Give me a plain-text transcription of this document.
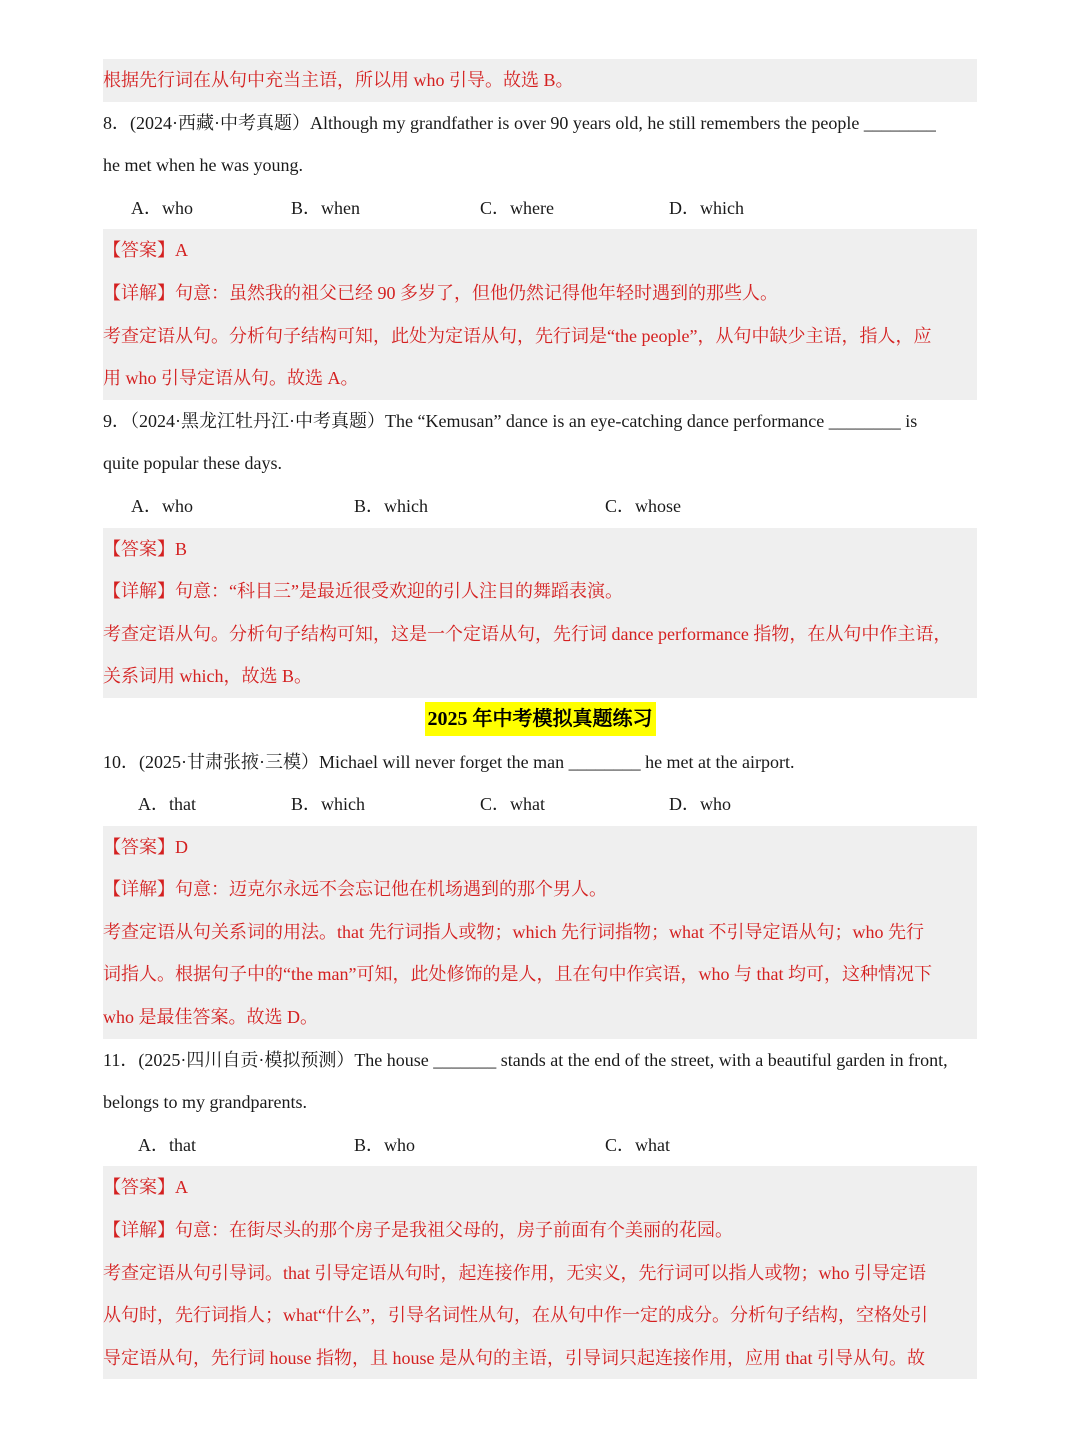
根据先行词在从句中充当主语，所以用 who 引导。故选 B。
8．(2024·西藏·中考真题）Although my grandfather is over 90 years old, he still remembers the people ________
he met when he was young.
A．who	B．when	C．where	D．which
【答案】A
【详解】句意：虽然我的祖父已经 90 多岁了，但他仍然记得他年轻时遇到的那些人。
考查定语从句。分析句子结构可知，此处为定语从句，先行词是“the people”，从句中缺少主语，指人，应
用 who 引导定语从句。故选 A。
9．（2024·黑龙江牡丹江·中考真题）The “Kemusan” dance is an eye-catching dance performance ________ is
quite popular these days.
A．who	B．which	C．whose
【答案】B
【详解】句意：“科目三”是最近很受欢迎的引人注目的舞蹈表演。
考查定语从句。分析句子结构可知，这是一个定语从句，先行词 dance performance 指物，在从句中作主语，
关系词用 which，故选 B。
2025 年中考模拟真题练习
10．(2025·甘肃张掖·三模）Michael will never forget the man ________ he met at the airport.
A．that	B．which	C．what	D．who
【答案】D
【详解】句意：迈克尔永远不会忘记他在机场遇到的那个男人。
考查定语从句关系词的用法。that 先行词指人或物；which 先行词指物；what 不引导定语从句；who 先行
词指人。根据句子中的“the man”可知，此处修饰的是人，且在句中作宾语，who 与 that 均可，这种情况下
who 是最佳答案。故选 D。
11．(2025·四川自贡·模拟预测）The house _______ stands at the end of the street, with a beautiful garden in front,
belongs to my grandparents.
A．that	B．who	C．what
【答案】A
【详解】句意：在街尽头的那个房子是我祖父母的，房子前面有个美丽的花园。
考查定语从句引导词。that 引导定语从句时，起连接作用，无实义，先行词可以指人或物；who 引导定语
从句时，先行词指人；what“什么”，引导名词性从句，在从句中作一定的成分。分析句子结构，空格处引
导定语从句，先行词 house 指物，且 house 是从句的主语，引导词只起连接作用，应用 that 引导从句。故
